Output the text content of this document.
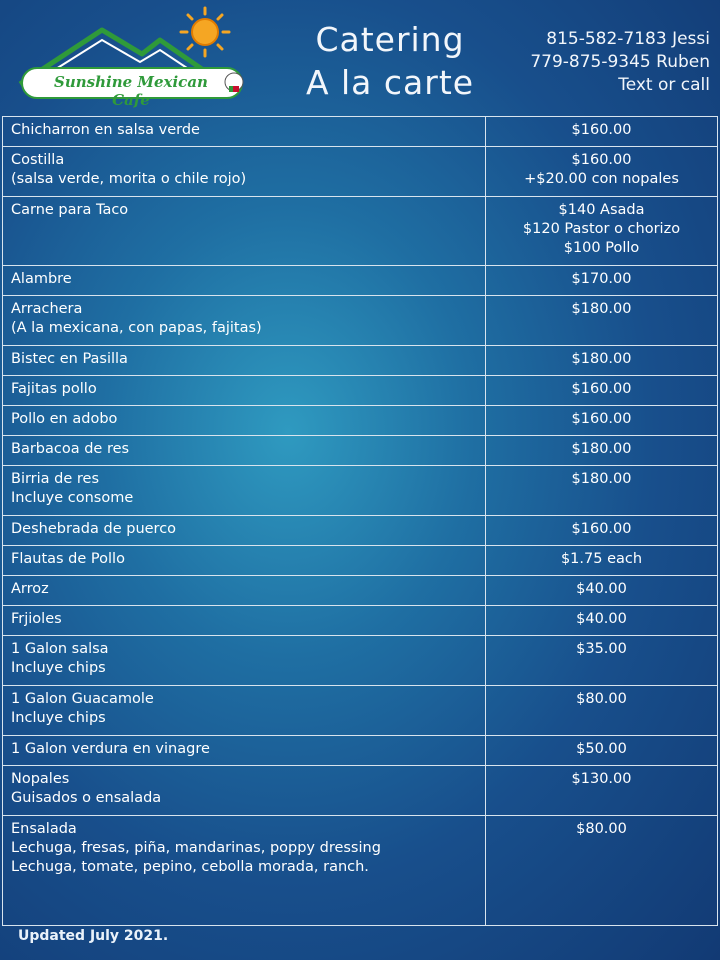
Sunshine Mexican Cafe
Catering
A la carte
815-582-7183 Jessi
779-875-9345 Ruben
Text or call
Chicharron en salsa verde	$160.00

Costilla
(salsa verde, morita o chile rojo)	$160.00
+$20.00 con nopales

Carne para Taco	$140 Asada
$120 Pastor o chorizo
$100 Pollo

Alambre	$170.00

Arrachera
(A la mexicana, con papas, fajitas)	$180.00

Bistec en Pasilla	$180.00

Fajitas pollo	$160.00

Pollo en adobo	$160.00

Barbacoa de res	$180.00

Birria de res
Incluye consome	$180.00

Deshebrada de puerco	$160.00

Flautas de Pollo	$1.75 each

Arroz	$40.00

Frjioles	$40.00

1 Galon salsa
Incluye chips	$35.00

1 Galon Guacamole
Incluye chips	$80.00

1 Galon verdura en vinagre	$50.00

Nopales
Guisados o ensalada	$130.00

Ensalada
Lechuga, fresas, piña, mandarinas, poppy dressing
Lechuga, tomate, pepino, cebolla morada, ranch.	$80.00
Updated July 2021.
